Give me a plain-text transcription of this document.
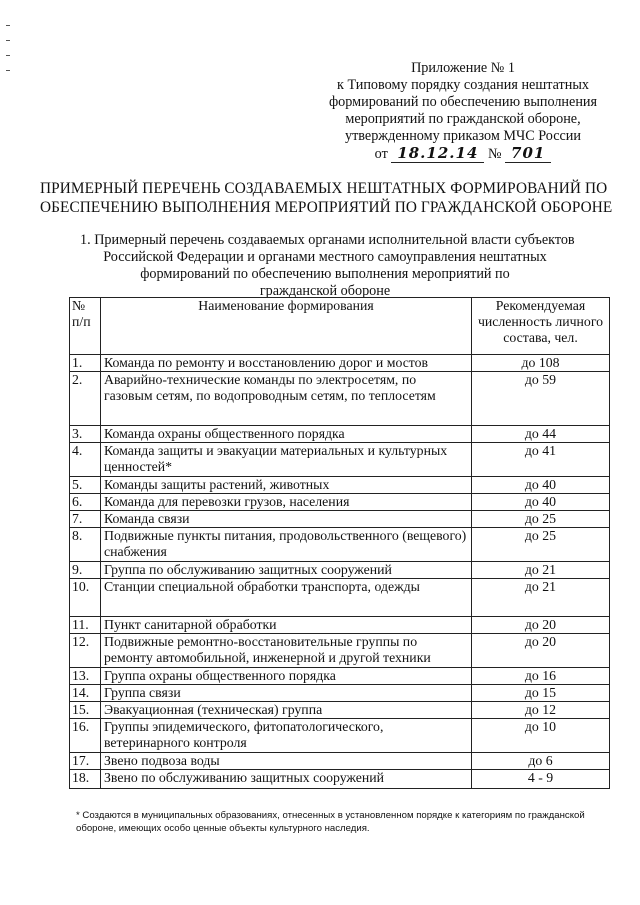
Приложение № 1
к Типовому порядку создания нештатных
формирований по обеспечению выполнения
мероприятий по гражданской обороне,
утвержденному приказом МЧС России
от 18.12.14 № 701
ПРИМЕРНЫЙ ПЕРЕЧЕНЬ СОЗДАВАЕМЫХ НЕШТАТНЫХ ФОРМИРОВАНИЙ ПО
ОБЕСПЕЧЕНИЮ ВЫПОЛНЕНИЯ МЕРОПРИЯТИЙ ПО ГРАЖДАНСКОЙ ОБОРОНЕ
1. Примерный перечень создаваемых органами исполнительной власти субъектов
Российской Федерации и органами местного самоуправления нештатных
формирований по обеспечению выполнения мероприятий по
гражданской обороне
№ п/п	Наименование формирования	Рекомендуемая численность личного состава, чел.
1.	Команда по ремонту и восстановлению дорог и мостов	до 108
2.	Аварийно-технические команды по электросетям, по газовым сетям, по водопроводным сетям, по теплосетям	до 59
3.	Команда охраны общественного порядка	до 44
4.	Команда защиты и эвакуации материальных и культурных ценностей*	до 41
5.	Команды защиты растений, животных	до 40
6.	Команда для перевозки грузов, населения	до 40
7.	Команда связи	до 25
8.	Подвижные пункты питания, продовольственного (вещевого) снабжения	до 25
9.	Группа по обслуживанию защитных сооружений	до 21
10.	Станции специальной обработки транспорта, одежды	до 21
11.	Пункт санитарной обработки	до 20
12.	Подвижные ремонтно-восстановительные группы по ремонту автомобильной, инженерной и другой техники	до 20
13.	Группа охраны общественного порядка	до 16
14.	Группа связи	до 15
15.	Эвакуационная (техническая) группа	до 12
16.	Группы эпидемического, фитопатологического, ветеринарного контроля	до 10
17.	Звено подвоза воды	до 6
18.	Звено по обслуживанию защитных сооружений	4 - 9
* Создаются в муниципальных образованиях, отнесенных в установленном порядке к категориям по гражданской обороне, имеющих особо ценные объекты культурного наследия.
